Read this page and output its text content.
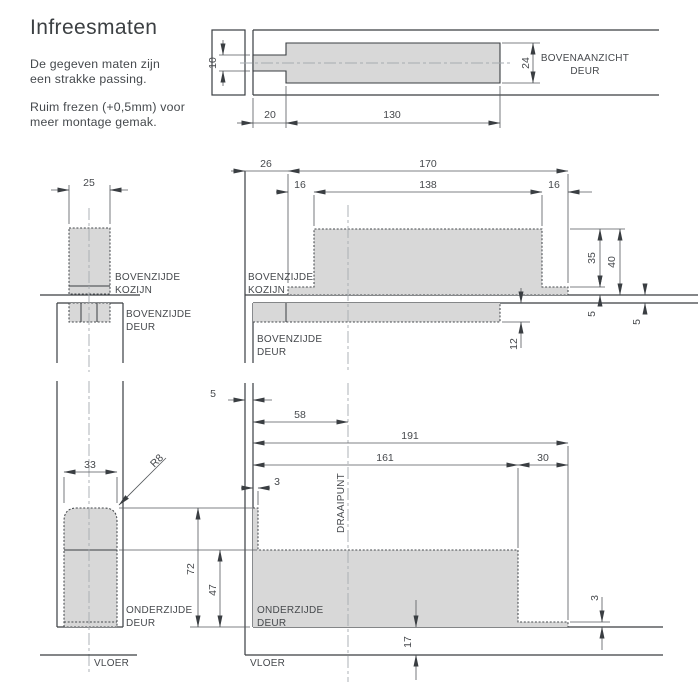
Infreesmaten
De gegeven maten zijn
een strakke passing.
Ruim frezen (+0,5mm) voor
meer montage gemak.
10	24
20	130
BOVENAANZICHT
DEUR
25
BOVENZIJDE
KOZIJN
BOVENZIJDE
DEUR
26	170
16	138	16
35 40
5
5
12
BOVENZIJDE
KOZIJN
BOVENZIJDE
DEUR
33	R8
ONDERZIJDE
DEUR
VLOER
5
58
191
161	30
3
72
47
17
3
DRAAIPUNT
ONDERZIJDE
DEUR
VLOER
